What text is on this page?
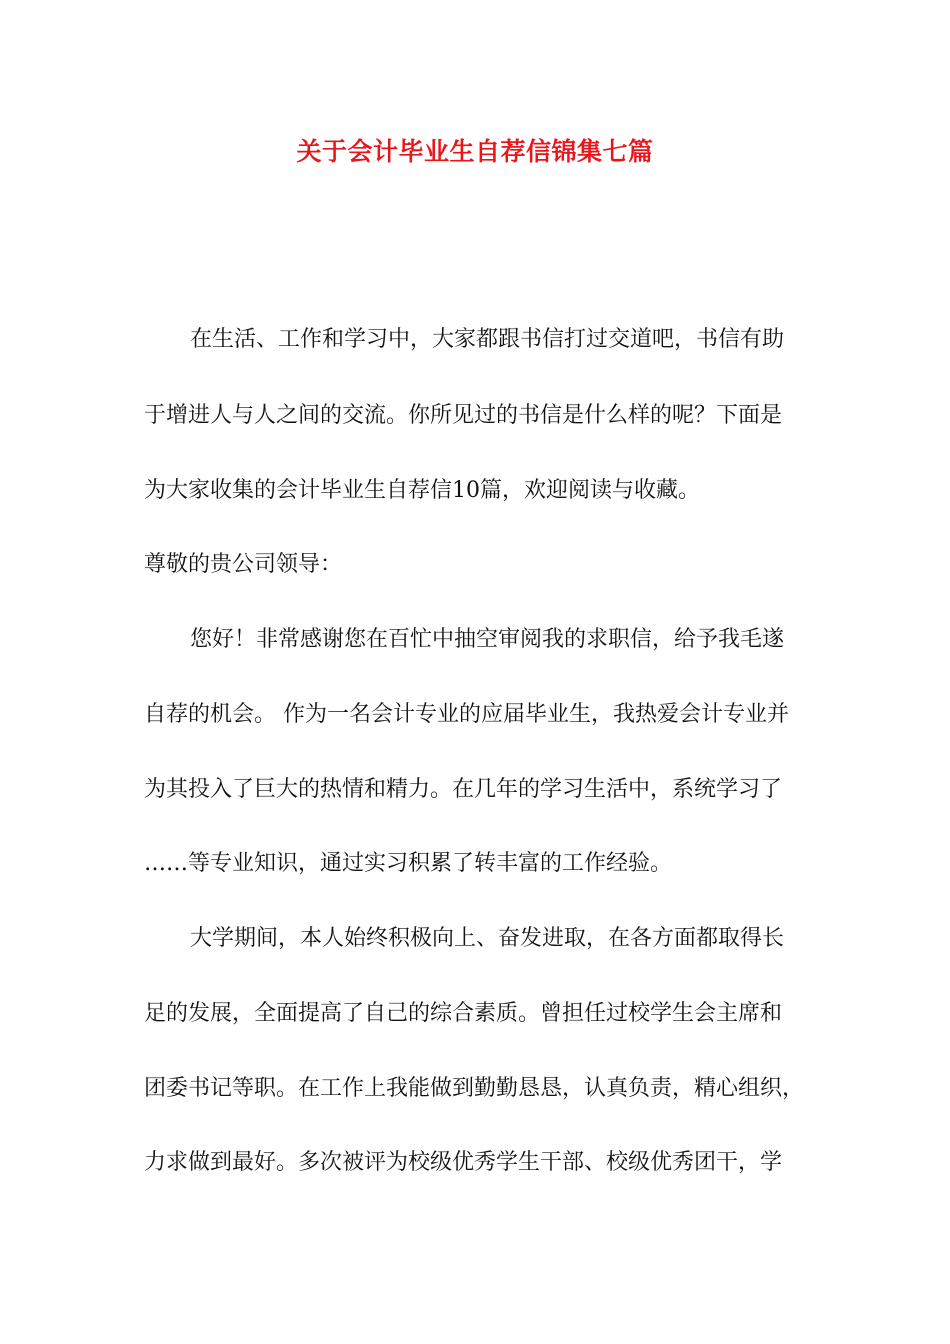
关于会计毕业生自荐信锦集七篇
在生活、工作和学习中，大家都跟书信打过交道吧，书信有助
于增进人与人之间的交流。你所见过的书信是什么样的呢？下面是
为大家收集的会计毕业生自荐信10篇，欢迎阅读与收藏。
尊敬的贵公司领导：
您好！非常感谢您在百忙中抽空审阅我的求职信，给予我毛遂
自荐的机会。 作为一名会计专业的应届毕业生，我热爱会计专业并
为其投入了巨大的热情和精力。在几年的学习生活中，系统学习了
……等专业知识，通过实习积累了转丰富的工作经验。
大学期间，本人始终积极向上、奋发进取，在各方面都取得长
足的发展，全面提高了自己的综合素质。曾担任过校学生会主席和
团委书记等职。在工作上我能做到勤勤恳恳，认真负责，精心组织，
力求做到最好。多次被评为校级优秀学生干部、校级优秀团干，学
